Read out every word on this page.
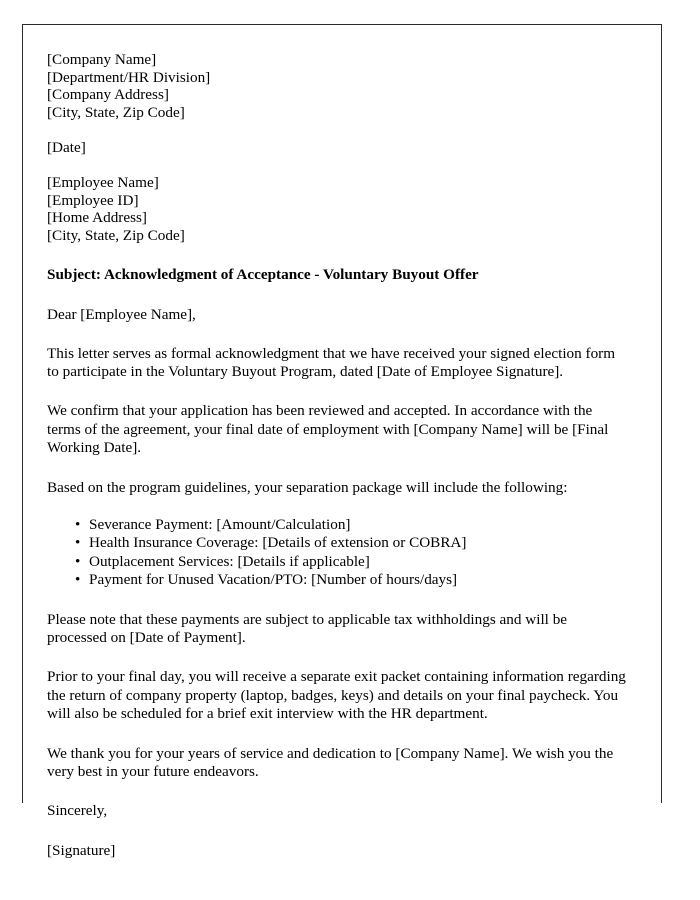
[Company Name]
[Department/HR Division]
[Company Address]
[City, State, Zip Code]
[Date]
[Employee Name]
[Employee ID]
[Home Address]
[City, State, Zip Code]
Subject: Acknowledgment of Acceptance - Voluntary Buyout Offer
Dear [Employee Name],

This letter serves as formal acknowledgment that we have received your signed election form to participate in the Voluntary Buyout Program, dated [Date of Employee Signature].

We confirm that your application has been reviewed and accepted. In accordance with the terms of the agreement, your final date of employment with [Company Name] will be [Final Working Date].

Based on the program guidelines, your separation package will include the following:

• Severance Payment: [Amount/Calculation]
• Health Insurance Coverage: [Details of extension or COBRA]
• Outplacement Services: [Details if applicable]
• Payment for Unused Vacation/PTO: [Number of hours/days]

Please note that these payments are subject to applicable tax withholdings and will be processed on [Date of Payment].

Prior to your final day, you will receive a separate exit packet containing information regarding the return of company property (laptop, badges, keys) and details on your final paycheck. You will also be scheduled for a brief exit interview with the HR department.

We thank you for your years of service and dedication to [Company Name]. We wish you the very best in your future endeavors.

Sincerely,
[Signature]
